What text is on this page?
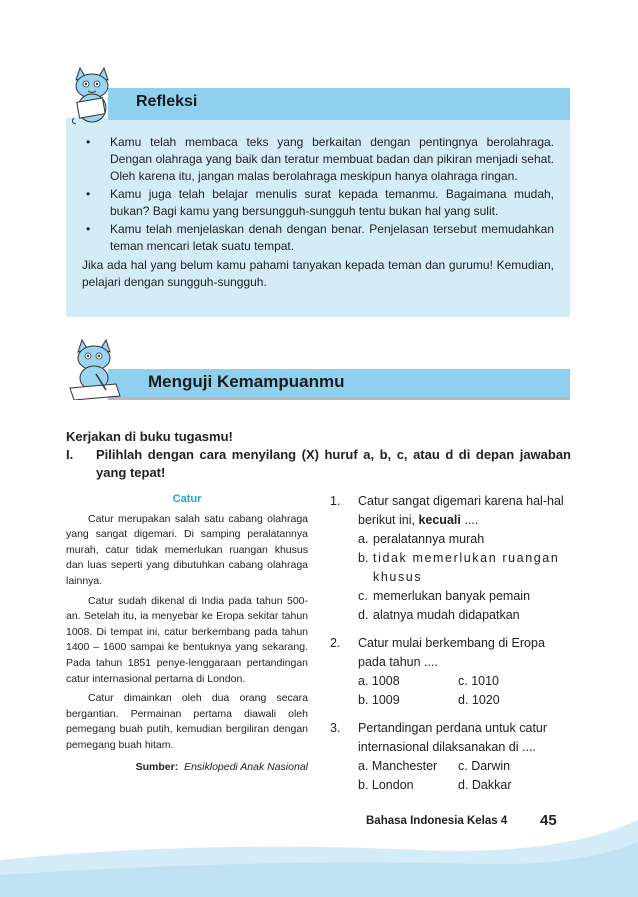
Refleksi
• Kamu telah membaca teks yang berkaitan dengan pentingnya berolahraga. Dengan olahraga yang baik dan teratur membuat badan dan pikiran menjadi sehat. Oleh karena itu, jangan malas berolahraga meskipun hanya olahraga ringan.
• Kamu juga telah belajar menulis surat kepada temanmu. Bagaimana mudah, bukan? Bagi kamu yang bersungguh-sungguh tentu bukan hal yang sulit.
• Kamu telah menjelaskan denah dengan benar. Penjelasan tersebut memudahkan teman mencari letak suatu tempat.
Jika ada hal yang belum kamu pahami tanyakan kepada teman dan gurumu! Kemudian, pelajari dengan sungguh-sungguh.
Menguji Kemampuanmu
Kerjakan di buku tugasmu!
I. Pilihlah dengan cara menyilang (X) huruf a, b, c, atau d di depan jawaban yang tepat!
Catur

Catur merupakan salah satu cabang olahraga yang sangat digemari. Di samping peralatannya murah, catur tidak memerlukan ruangan khusus dan luas seperti yang dibutuhkan cabang olahraga lainnya.

Catur sudah dikenal di India pada tahun 500-an. Setelah itu, ia menyebar ke Eropa sekitar tahun 1008. Di tempat ini, catur berkembang pada tahun 1400 – 1600 sampai ke bentuknya yang sekarang. Pada tahun 1851 penye-lenggaraan pertandingan catur internasional pertama di London.

Catur dimainkan oleh dua orang secara bergantian. Permainan pertama diawali oleh pemegang buah putih, kemudian bergiliran dengan pemegang buah hitam.

Sumber: Ensiklopedi Anak Nasional
1. Catur sangat digemari karena hal-hal berikut ini, kecuali ....
a. peralatannya murah
b. tidak memerlukan ruangan khusus
c. memerlukan banyak pemain
d. alatnya mudah didapatkan
2. Catur mulai berkembang di Eropa pada tahun ....
a. 1008	c. 1010
b. 1009	d. 1020
3. Pertandingan perdana untuk catur internasional dilaksanakan di ....
a. Manchester	c. Darwin
b. London	d. Dakkar
Bahasa Indonesia Kelas 4 45
